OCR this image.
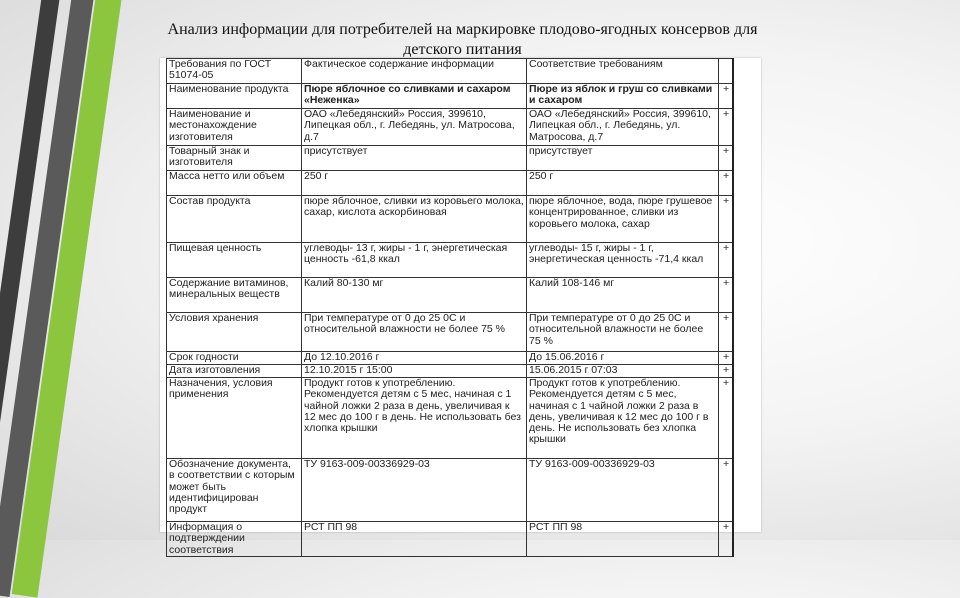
Анализ информации для потребителей на маркировке плодово-ягодных консервов для детского питания
Требования по ГОСТ 51074-05	Фактическое содержание информации	Соответствие требованиям	
Наименование продукта	Пюре яблочное со сливками и сахаром «Неженка»	Пюре из яблок и груш со сливками и сахаром	+
Наименование и местонахождение изготовителя	ОАО «Лебедянский» Россия, 399610, Липецкая обл., г. Лебедянь, ул. Матросова, д.7	ОАО «Лебедянский» Россия, 399610, Липецкая обл., г. Лебедянь, ул. Матросова, д.7	+
Товарный знак и изготовителя	присутствует	присутствует	+
Масса нетто или объем	250 г	250 г	+
Состав продукта	пюре яблочное, сливки из коровьего молока, сахар, кислота аскорбиновая	пюре яблочное, вода, пюре грушевое концентрированное, сливки из коровьего молока, сахар	+
Пищевая ценность	углеводы- 13 г, жиры - 1 г, энергетическая ценность -61,8 ккал	углеводы- 15 г, жиры - 1 г, энергетическая ценность -71,4 ккал	+
Содержание витаминов, минеральных веществ	Калий 80-130 мг	Калий 108-146 мг	+
Условия хранения	При температуре от 0 до 25 0С и относительной влажности не более 75 %	При температуре от 0 до 25 0С и относительной влажности не более 75 %	+
Срок годности	До 12.10.2016 г	До 15.06.2016 г	+
Дата изготовления	12.10.2015 г 15:00	15.06.2015 г 07:03	+
Назначения, условия применения	Продукт готов к употреблению. Рекомендуется детям с 5 мес, начиная с 1 чайной ложки 2 раза в день, увеличивая к 12 мес до 100 г в день. Не использовать без хлопка крышки	Продукт готов к употреблению. Рекомендуется детям с 5 мес, начиная с 1 чайной ложки 2 раза в день, увеличивая к 12 мес до 100 г в день. Не использовать без хлопка крышки	+
Обозначение документа, в соответствии с которым может быть идентифицирован продукт	ТУ 9163-009-00336929-03	ТУ 9163-009-00336929-03	+
Информация о подтверждении соответствия	РСТ ПП 98	РСТ ПП 98	+
